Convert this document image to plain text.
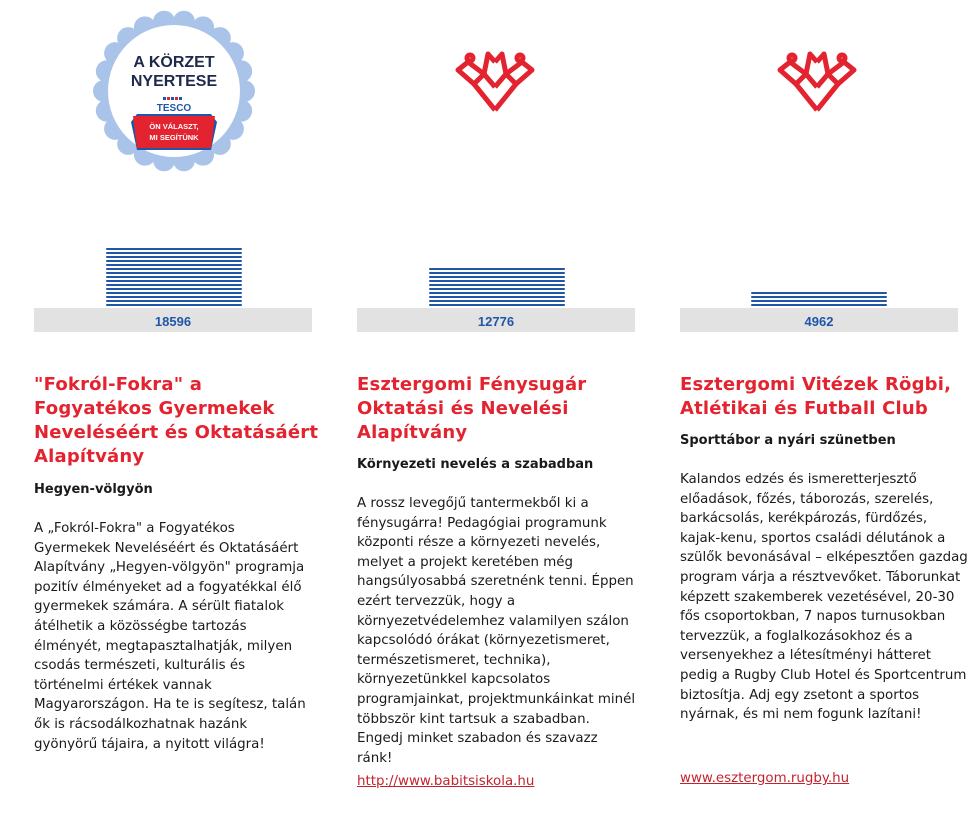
A KÖRZET
NYERTESE
TESCO
ÖN VÁLASZT,
MI SEGÍTÜNK
18596
"Fokról-Fokra" a Fogyatékos Gyermekek Neveléséért és Oktatásáért Alapítvány

Hegyen-völgyön

A „Fokról-Fokra" a Fogyatékos Gyermekek Neveléséért és Oktatásáért Alapítvány „Hegyen-völgyön" programja pozitív élményeket ad a fogyatékkal élő gyermekek számára. A sérült fiatalok átélhetik a közösségbe tartozás élményét, megtapasztalhatják, milyen csodás természeti, kulturális és történelmi értékek vannak Magyarországon. Ha te is segítesz, talán ők is rácsodálkozhatnak hazánk gyönyörű tájaira, a nyitott világra!

12776
Esztergomi Fénysugár Oktatási és Nevelési Alapítvány

Környezeti nevelés a szabadban

A rossz levegőjű tantermekből ki a fénysugárra! Pedagógiai programunk központi része a környezeti nevelés, melyet a projekt keretében még hangsúlyosabbá szeretnénk tenni. Éppen ezért tervezzük, hogy a környezetvédelemhez valamilyen szálon kapcsolódó órákat (környezetismeret, természetismeret, technika), környezetünkkel kapcsolatos programjainkat, projektmunkáinkat minél többször kint tartsuk a szabadban. Engedj minket szabadon és szavazz ránk!

http://www.babitsiskola.hu
4962
Esztergomi Vitézek Rögbi, Atlétikai és Futball Club

Sporttábor a nyári szünetben

Kalandos edzés és ismeretterjesztő előadások, főzés, táborozás, szerelés, barkácsolás, kerékpározás, fürdőzés, kajak-kenu, sportos családi délutánok a szülők bevonásával – elképesztően gazdag program várja a résztvevőket. Táborunkat képzett szakemberek vezetésével, 20-30 fős csoportokban, 7 napos turnusokban tervezzük, a foglalkozásokhoz és a versenyekhez a létesítményi hátteret pedig a Rugby Club Hotel és Sportcentrum biztosítja. Adj egy zsetont a sportos nyárnak, és mi nem fogunk lazítani!

www.esztergom.rugby.hu
